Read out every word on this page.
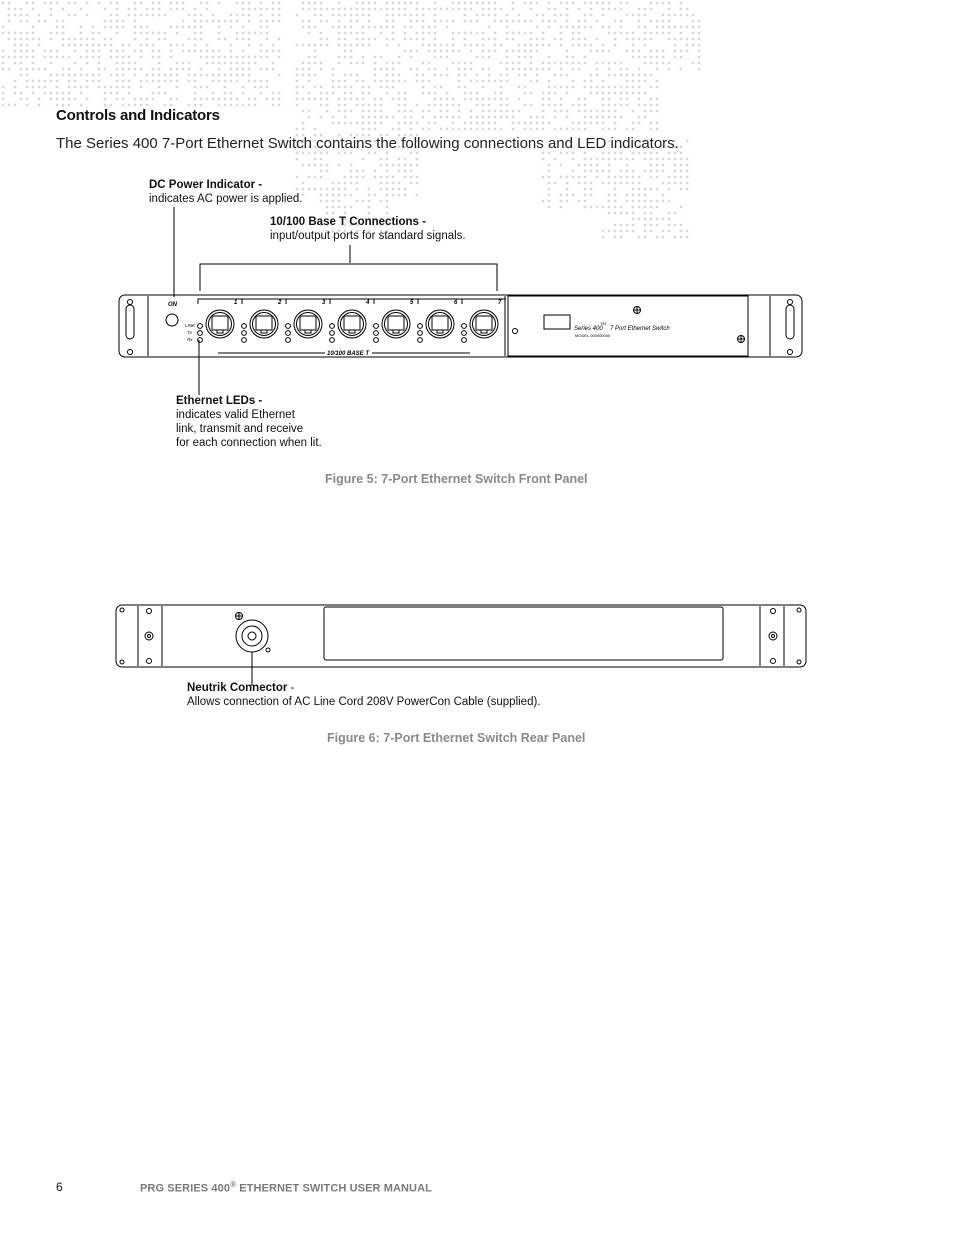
Controls and Indicators
The Series 400 7-Port Ethernet Switch contains the following connections and LED indicators.
DC Power Indicator -
indicates AC power is applied.
10/100 Base T Connections -
input/output ports for standard signals.
Ethernet LEDs -
indicates valid Ethernet
link, transmit and receive
for each connection when lit.
1	2	3	4	5	6	7
ON
LINK
Tx
Rx
10/100 BASE T
Series 400
TM
7 Port Ethernet Switch
MODEL 000000000
Figure 5: 7-Port Ethernet Switch Front Panel
Neutrik Connector -
Allows connection of AC Line Cord 208V PowerCon Cable (supplied).
Figure 6: 7-Port Ethernet Switch Rear Panel
6	PRG SERIES 400® ETHERNET SWITCH USER MANUAL
